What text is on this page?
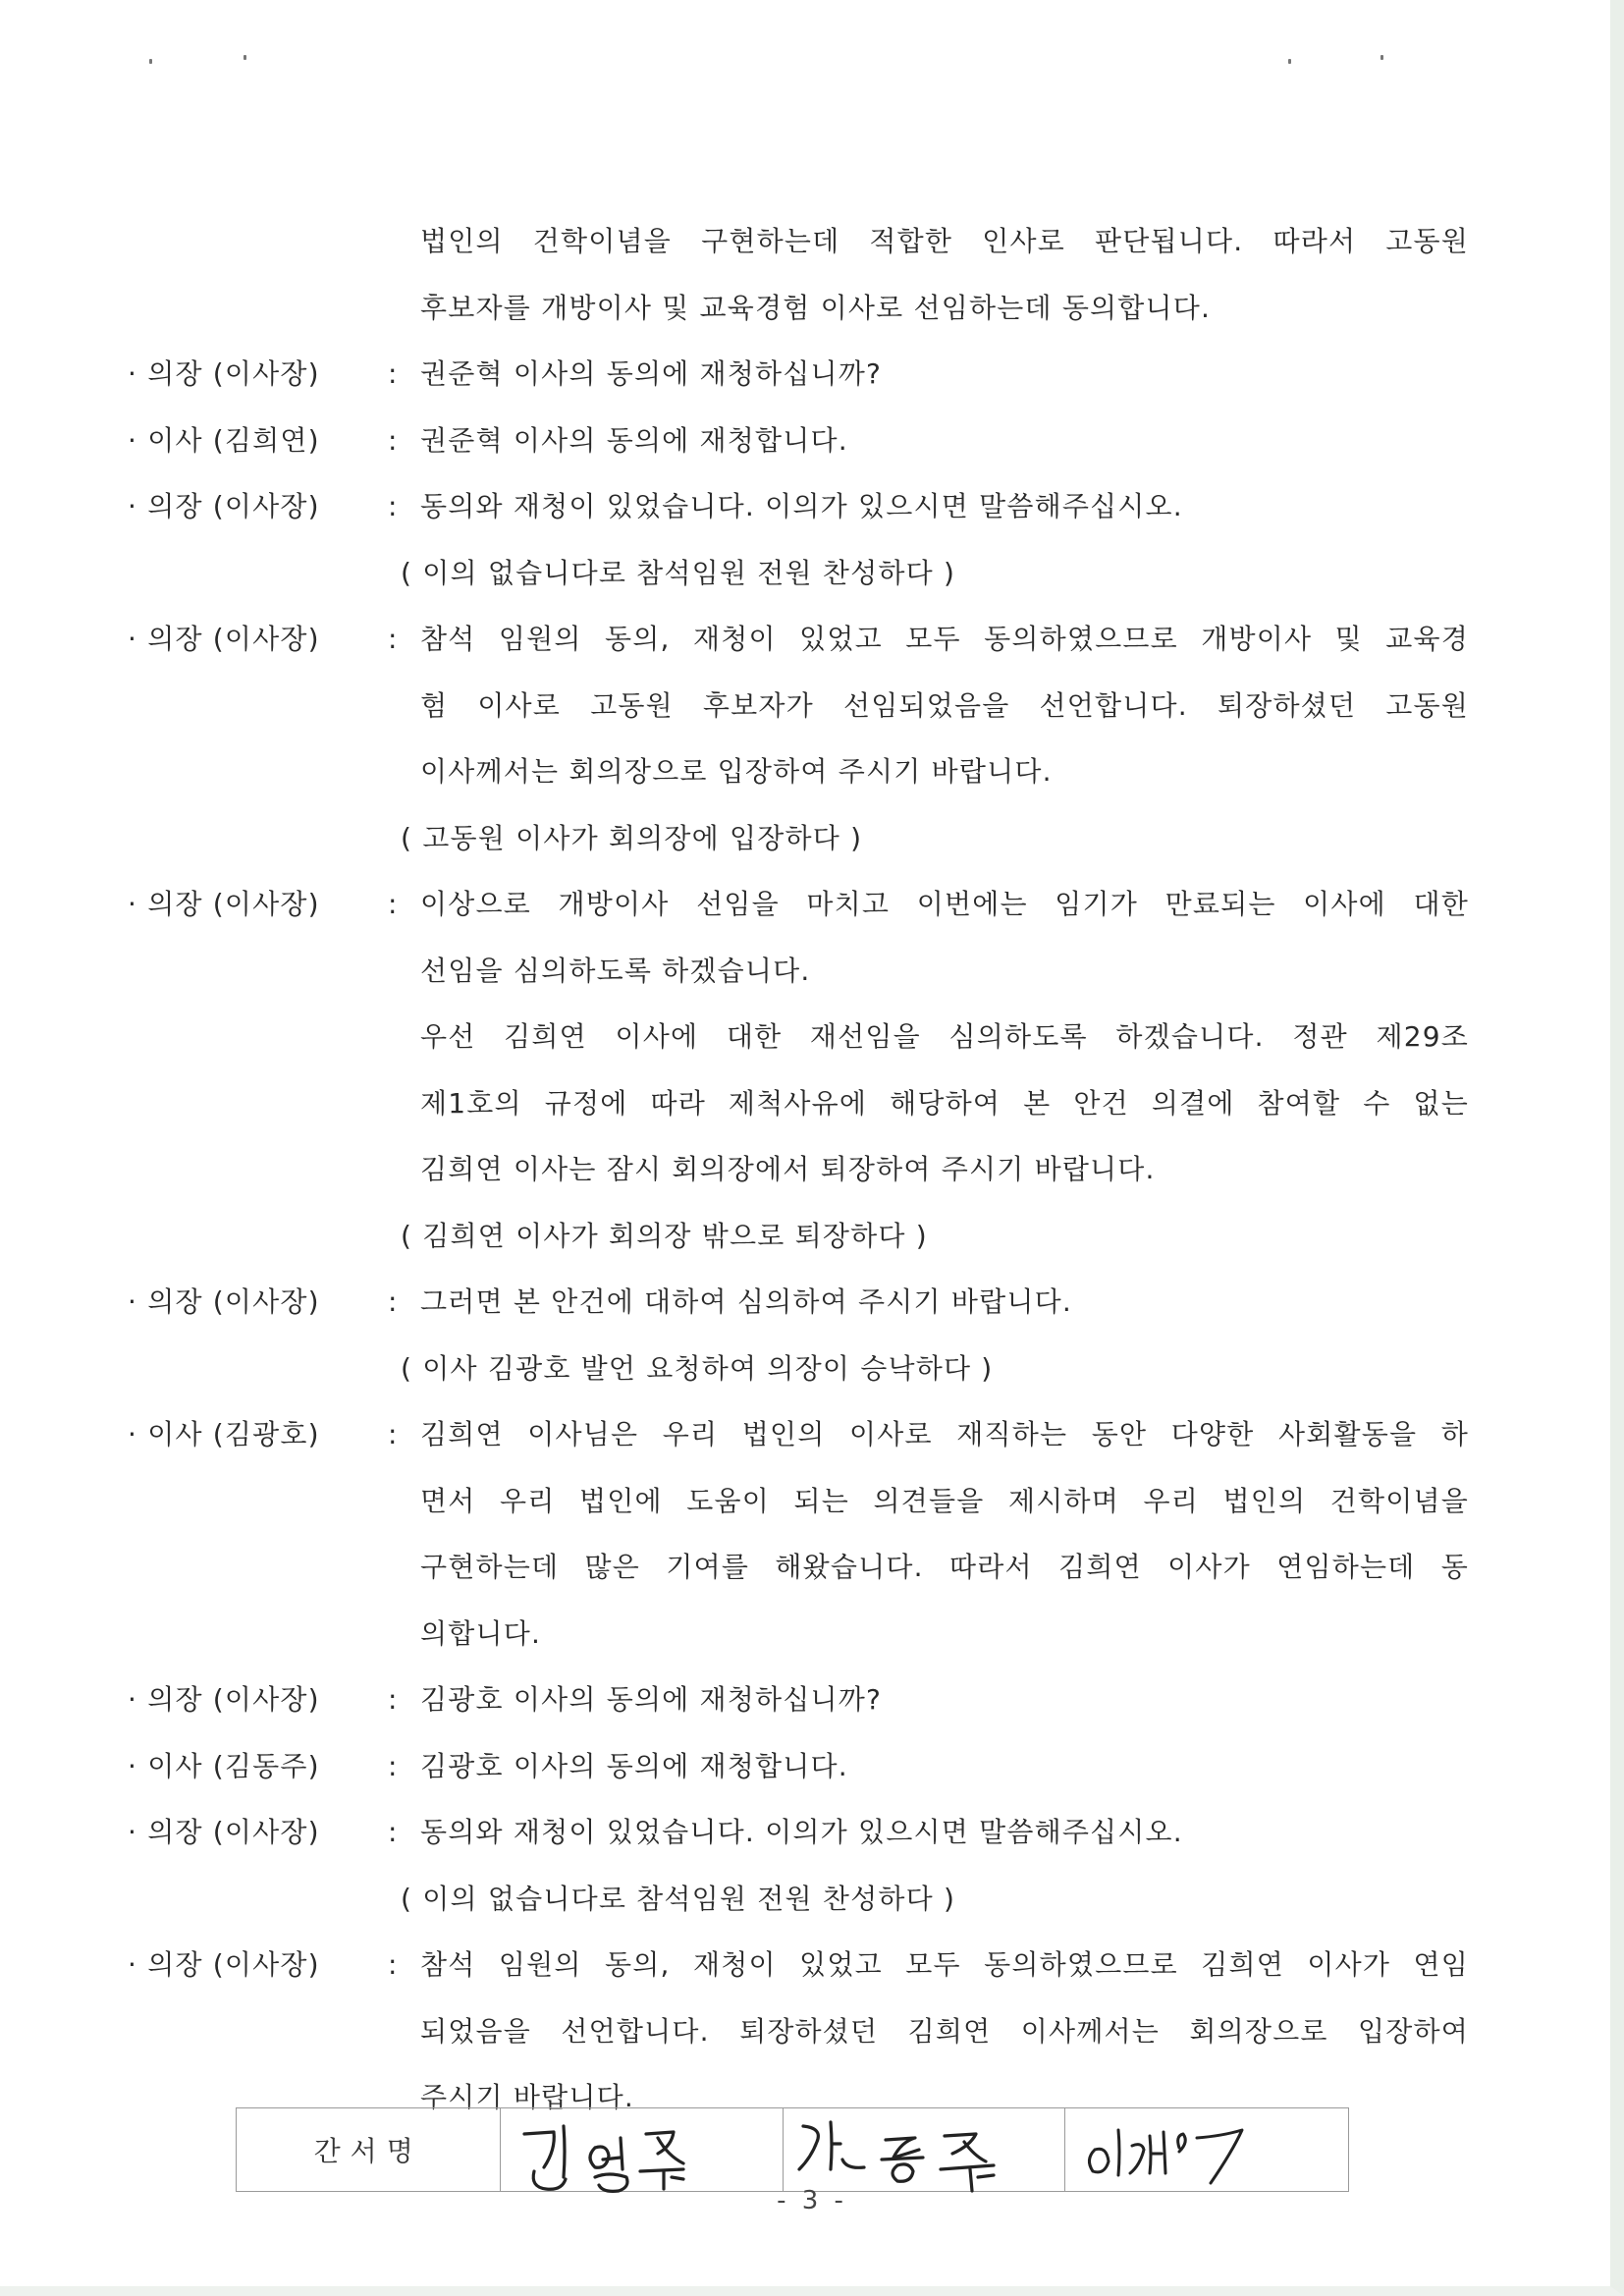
법인의 건학이념을 구현하는데 적합한 인사로 판단됩니다. 따라서 고동원
후보자를 개방이사 및 교육경험 이사로 선임하는데 동의합니다.
· 의장 (이사장) : 권준혁 이사의 동의에 재청하십니까?
· 이사 (김희연) : 권준혁 이사의 동의에 재청합니다.
· 의장 (이사장) : 동의와 재청이 있었습니다. 이의가 있으시면 말씀해주십시오.
( 이의 없습니다로 참석임원 전원 찬성하다 )
· 의장 (이사장) : 참석 임원의 동의, 재청이 있었고 모두 동의하였으므로 개방이사 및 교육경
험 이사로 고동원 후보자가 선임되었음을 선언합니다. 퇴장하셨던 고동원
이사께서는 회의장으로 입장하여 주시기 바랍니다.
( 고동원 이사가 회의장에 입장하다 )
· 의장 (이사장) : 이상으로 개방이사 선임을 마치고 이번에는 임기가 만료되는 이사에 대한
선임을 심의하도록 하겠습니다.
우선 김희연 이사에 대한 재선임을 심의하도록 하겠습니다. 정관 제29조
제1호의 규정에 따라 제척사유에 해당하여 본 안건 의결에 참여할 수 없는
김희연 이사는 잠시 회의장에서 퇴장하여 주시기 바랍니다.
( 김희연 이사가 회의장 밖으로 퇴장하다 )
· 의장 (이사장) : 그러면 본 안건에 대하여 심의하여 주시기 바랍니다.
( 이사 김광호 발언 요청하여 의장이 승낙하다 )
· 이사 (김광호) : 김희연 이사님은 우리 법인의 이사로 재직하는 동안 다양한 사회활동을 하
면서 우리 법인에 도움이 되는 의견들을 제시하며 우리 법인의 건학이념을
구현하는데 많은 기여를 해왔습니다. 따라서 김희연 이사가 연임하는데 동
의합니다.
· 의장 (이사장) : 김광호 이사의 동의에 재청하십니까?
· 이사 (김동주) : 김광호 이사의 동의에 재청합니다.
· 의장 (이사장) : 동의와 재청이 있었습니다. 이의가 있으시면 말씀해주십시오.
( 이의 없습니다로 참석임원 전원 찬성하다 )
· 의장 (이사장) : 참석 임원의 동의, 재청이 있었고 모두 동의하였으므로 김희연 이사가 연임
되었음을 선언합니다. 퇴장하셨던 김희연 이사께서는 회의장으로 입장하여
주시기 바랍니다.
간서명
- 3 -
